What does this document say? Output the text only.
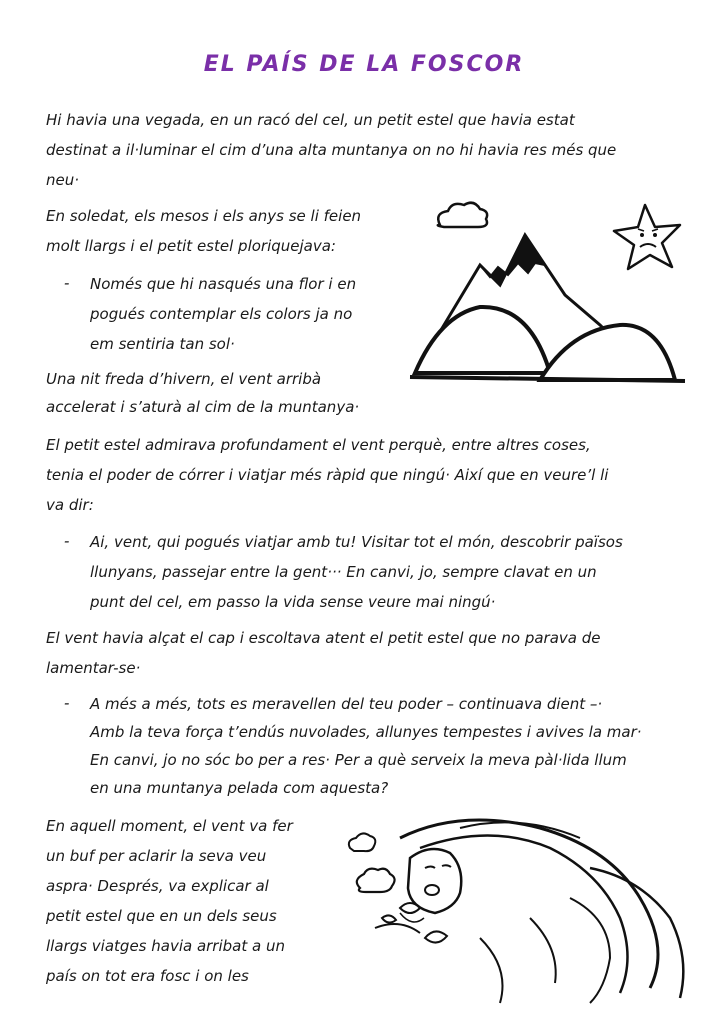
EL PAÍS DE LA FOSCOR
Hi havia una vegada, en un racó del cel, un petit estel que havia estat
destinat a il·luminar el cim d’una alta muntanya on no hi havia res més que
neu·
En soledat, els mesos i els anys se li feien
molt llargs i el petit estel ploriquejava:
- Només que hi nasqués una flor i en
pogués contemplar els colors ja no
em sentiria tan sol·
Una nit freda d’hivern, el vent arribà
accelerat i s’aturà al cim de la muntanya·
El petit estel admirava profundament el vent perquè, entre altres coses,
tenia el poder de córrer i viatjar més ràpid que ningú· Així que en veure’l li
va dir:
- Ai, vent, qui pogués viatjar amb tu! Visitar tot el món, descobrir països
llunyans, passejar entre la gent··· En canvi, jo, sempre clavat en un
punt del cel, em passo la vida sense veure mai ningú·
El vent havia alçat el cap i escoltava atent el petit estel que no parava de
lamentar-se·
- A més a més, tots es meravellen del teu poder – continuava dient –·
Amb la teva força t’endús nuvolades, allunyes tempestes i avives la mar·
En canvi, jo no sóc bo per a res· Per a què serveix la meva pàl·lida llum
en una muntanya pelada com aquesta?
En aquell moment, el vent va fer
un buf per aclarir la seva veu
aspra· Després, va explicar al
petit estel que en un dels seus
llargs viatges havia arribat a un
país on tot era fosc i on les
